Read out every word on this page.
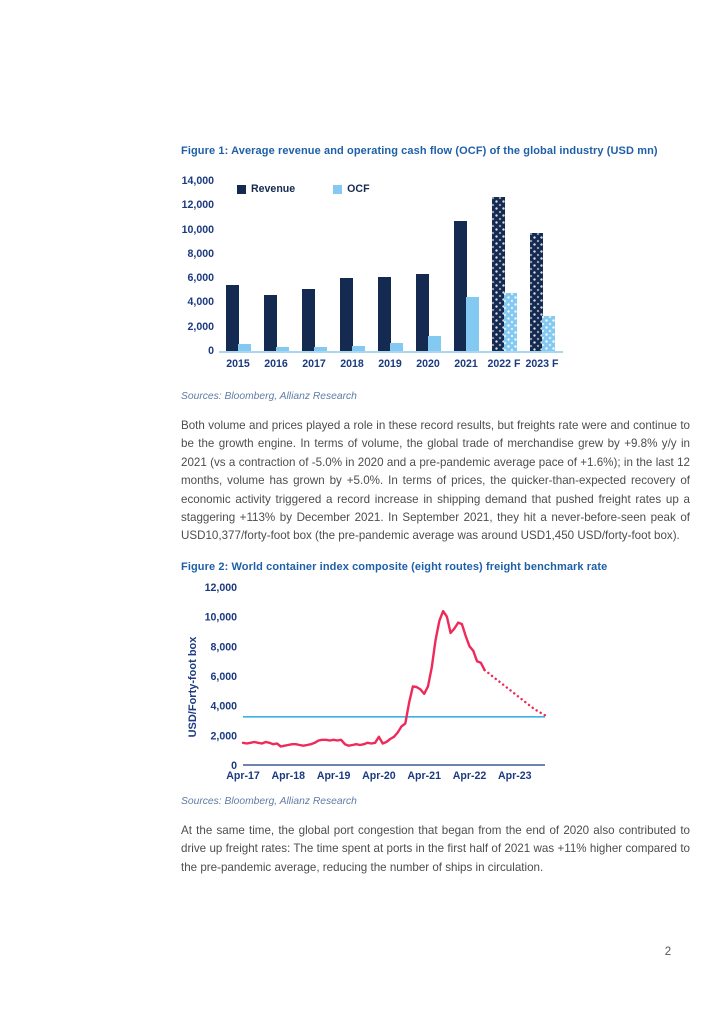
Figure 1: Average revenue and operating cash flow (OCF) of the global industry (USD mn)
14,000
12,000
10,000
8,000
6,000
4,000
2,000
0
Revenue	OCF
2015	2016	2017	2018	2019	2020	2021 2022 F 2023 F
Sources: Bloomberg, Allianz Research
Both volume and prices played a role in these record results, but freights rate were and continue to be the growth engine. In terms of volume, the global trade of merchandise grew by +9.8% y/y in 2021 (vs a contraction of -5.0% in 2020 and a pre-pandemic average pace of +1.6%); in the last 12 months, volume has grown by +5.0%. In terms of prices, the quicker-than-expected recovery of economic activity triggered a record increase in shipping demand that pushed freight rates up a staggering +113% by December 2021. In September 2021, they hit a never-before-seen peak of USD10,377/forty-foot box (the pre-pandemic average was around USD1,450 USD/forty-foot box).
Figure 2: World container index composite (eight routes) freight benchmark rate
USD/Forty-foot box
0
2,000
4,000
6,000
8,000
10,000
12,000
Apr-17 Apr-18 Apr-19 Apr-20 Apr-21 Apr-22 Apr-23
Sources: Bloomberg, Allianz Research
At the same time, the global port congestion that began from the end of 2020 also contributed to drive up freight rates: The time spent at ports in the first half of 2021 was +11% higher compared to the pre-pandemic average, reducing the number of ships in circulation.
2
